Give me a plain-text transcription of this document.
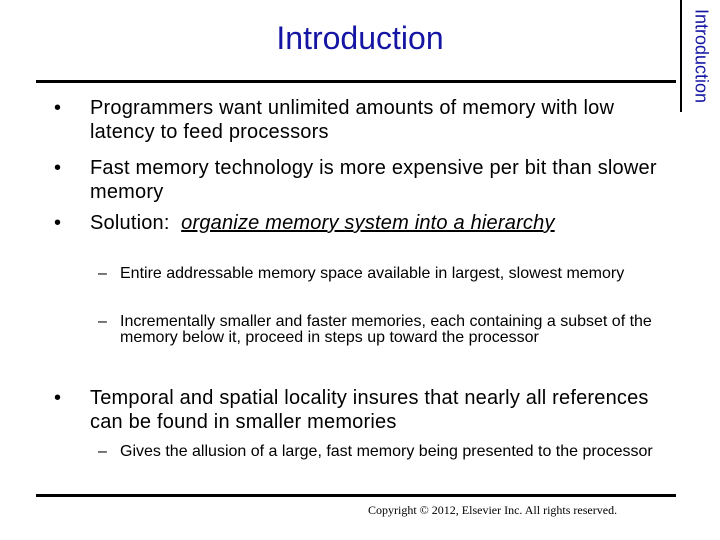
Introduction	Introduction
•	Programmers want unlimited amounts of memory with low latency to feed processors
•	Fast memory technology is more expensive per bit than slower memory
•	Solution:  organize memory system into a hierarchy
– Entire addressable memory space available in largest, slowest memory
– Incrementally smaller and faster memories, each containing a subset of the memory below it, proceed in steps up toward the processor
•	Temporal and spatial locality insures that nearly all references can be found in smaller memories
– Gives the allusion of a large, fast memory being presented to the processor
Copyright © 2012, Elsevier Inc. All rights reserved.
